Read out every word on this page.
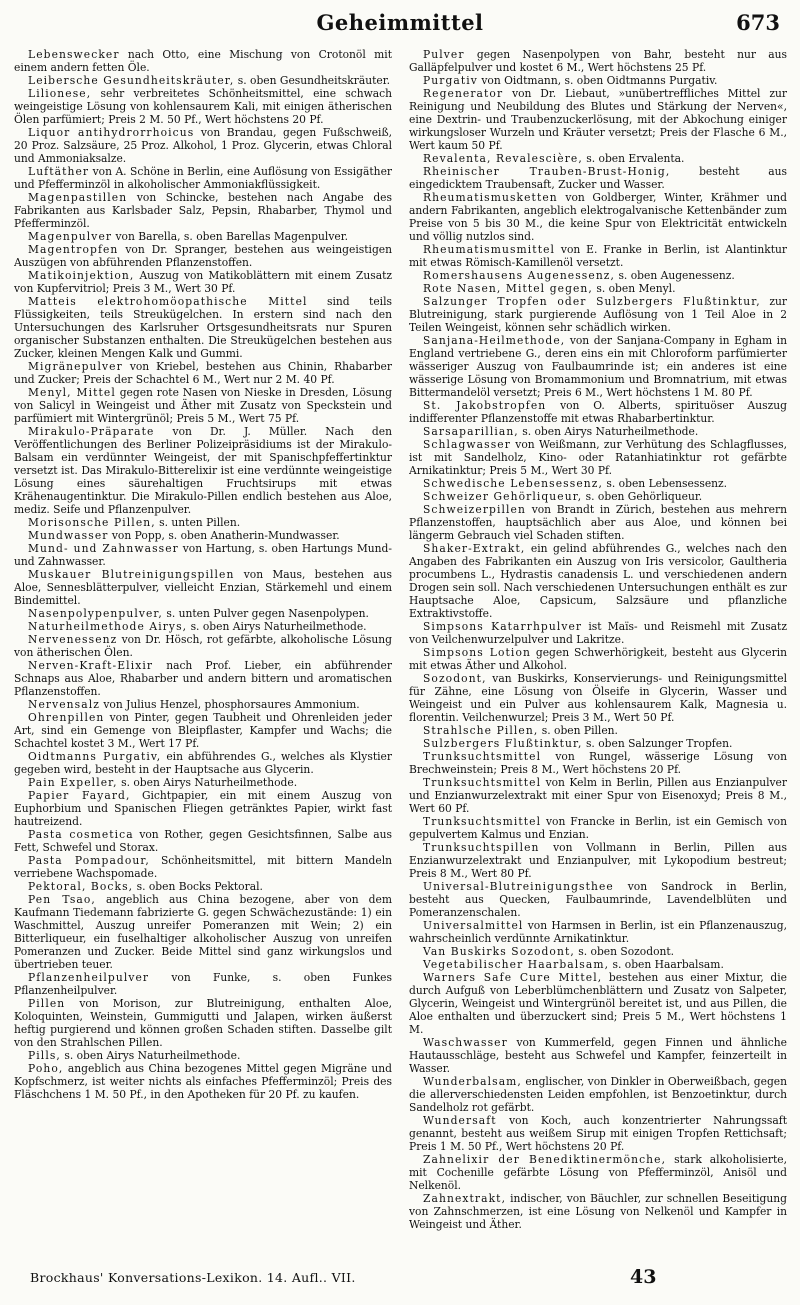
Geheimmittel	673

Lebenswecker nach Otto, eine Mischung von Crotonöl mit einem andern fetten Öle.

Leibersche Gesundheitskräuter, s. oben Gesundheitskräuter.

Lilionese, sehr verbreitetes Schönheitsmittel, eine schwach weingeistige Lösung von kohlensaurem Kali, mit einigen ätherischen Ölen parfümiert; Preis 2 M. 50 Pf., Wert höchstens 20 Pf.

Liquor antihydrorrhoicus von Brandau, gegen Fußschweiß, 20 Proz. Salzsäure, 25 Proz. Alkohol, 1 Proz. Glycerin, etwas Chloral und Ammoniaksalze.

Luftäther von A. Schöne in Berlin, eine Auflösung von Essigäther und Pfefferminzöl in alkoholischer Ammoniakflüssigkeit.

Magenpastillen von Schincke, bestehen nach Angabe des Fabrikanten aus Karlsbader Salz, Pepsin, Rhabarber, Thymol und Pfefferminzöl.

Magenpulver von Barella, s. oben Barellas Magenpulver.

Magentropfen von Dr. Spranger, bestehen aus weingeistigen Auszügen von abführenden Pflanzenstoffen.

Matikoinjektion, Auszug von Matikoblättern mit einem Zusatz von Kupfervitriol; Preis 3 M., Wert 30 Pf.

Matteis elektrohomöopathische Mittel sind teils Flüssigkeiten, teils Streukügelchen. In erstern sind nach den Untersuchungen des Karlsruher Ortsgesundheitsrats nur Spuren organischer Substanzen enthalten. Die Streukügelchen bestehen aus Zucker, kleinen Mengen Kalk und Gummi.

Migränepulver von Kriebel, bestehen aus Chinin, Rhabarber und Zucker; Preis der Schachtel 6 M., Wert nur 2 M. 40 Pf.

Menyl, Mittel gegen rote Nasen von Nieske in Dresden, Lösung von Salicyl in Weingeist und Äther mit Zusatz von Speckstein und parfümiert mit Wintergrünöl; Preis 5 M., Wert 75 Pf.

Mirakulo-Präparate von Dr. J. Müller. Nach den Veröffentlichungen des Berliner Polizeipräsidiums ist der Mirakulo-Balsam ein verdünnter Weingeist, der mit Spanischpfeffertinktur versetzt ist. Das Mirakulo-Bitterelixir ist eine verdünnte weingeistige Lösung eines säurehaltigen Fruchtsirups mit etwas Krähenaugentinktur. Die Mirakulo-Pillen endlich bestehen aus Aloe, mediz. Seife und Pflanzenpulver.

Morisonsche Pillen, s. unten Pillen.

Mundwasser von Popp, s. oben Anatherin-Mundwasser.

Mund- und Zahnwasser von Hartung, s. oben Hartungs Mund- und Zahnwasser.

Muskauer Blutreinigungspillen von Maus, bestehen aus Aloe, Sennesblätterpulver, vielleicht Enzian, Stärkemehl und einem Bindemittel.

Nasenpolypenpulver, s. unten Pulver gegen Nasenpolypen.

Naturheilmethode Airys, s. oben Airys Naturheilmethode.

Nervenessenz von Dr. Hösch, rot gefärbte, alkoholische Lösung von ätherischen Ölen.

Nerven-Kraft-Elixir nach Prof. Lieber, ein abführender Schnaps aus Aloe, Rhabarber und andern bittern und aromatischen Pflanzenstoffen.

Nervensalz von Julius Henzel, phosphorsaures Ammonium.

Ohrenpillen von Pinter, gegen Taubheit und Ohrenleiden jeder Art, sind ein Gemenge von Bleipflaster, Kampfer und Wachs; die Schachtel kostet 3 M., Wert 17 Pf.

Oidtmanns Purgativ, ein abführendes G., welches als Klystier gegeben wird, besteht in der Hauptsache aus Glycerin.

Pain Expeller, s. oben Airys Naturheilmethode.

Papier Fayard, Gichtpapier, ein mit einem Auszug von Euphorbium und Spanischen Fliegen getränktes Papier, wirkt fast hautreizend.

Pasta cosmetica von Rother, gegen Gesichtsfinnen, Salbe aus Fett, Schwefel und Storax.

Pasta Pompadour, Schönheitsmittel, mit bittern Mandeln verriebene Wachspomade.

Pektoral, Bocks, s. oben Bocks Pektoral.

Pen Tsao, angeblich aus China bezogene, aber von dem Kaufmann Tiedemann fabrizierte G. gegen Schwächezustände: 1) ein Waschmittel, Auszug unreifer Pomeranzen mit Wein; 2) ein Bitterliqueur, ein fuselhaltiger alkoholischer Auszug von unreifen Pomeranzen und Zucker. Beide Mittel sind ganz wirkungslos und übertrieben teuer.

Pflanzenheilpulver von Funke, s. oben Funkes Pflanzenheilpulver.

Pillen von Morison, zur Blutreinigung, enthalten Aloe, Koloquinten, Weinstein, Gummigutti und Jalapen, wirken äußerst heftig purgierend und können großen Schaden stiften. Dasselbe gilt von den Strahlschen Pillen.

Pills, s. oben Airys Naturheilmethode.

Poho, angeblich aus China bezogenes Mittel gegen Migräne und Kopfschmerz, ist weiter nichts als einfaches Pfefferminzöl; Preis des Fläschchens 1 M. 50 Pf., in den Apotheken für 20 Pf. zu kaufen.

Pulver gegen Nasenpolypen von Bahr, besteht nur aus Galläpfelpulver und kostet 6 M., Wert höchstens 25 Pf.

Purgativ von Oidtmann, s. oben Oidtmanns Purgativ.

Regenerator von Dr. Liebaut, »unübertreffliches Mittel zur Reinigung und Neubildung des Blutes und Stärkung der Nerven«, eine Dextrin- und Traubenzuckerlösung, mit der Abkochung einiger wirkungsloser Wurzeln und Kräuter versetzt; Preis der Flasche 6 M., Wert kaum 50 Pf.

Revalenta, Revalescière, s. oben Ervalenta.

Rheinischer Trauben-Brust-Honig,	besteht aus eingedicktem Traubensaft, Zucker und Wasser.

Rheumatismusketten von Goldberger, Winter, Krähmer und andern Fabrikanten, angeblich elektrogalvanische Kettenbänder zum Preise von 5 bis 30 M., die keine Spur von Elektricität entwickeln und völlig nutzlos sind.

Rheumatismusmittel von E. Franke in Berlin, ist Alantinktur mit etwas Römisch-Kamillenöl versetzt.

Romershausens Augenessenz, s. oben Augenessenz.

Rote Nasen, Mittel gegen, s. oben Menyl.

Salzunger Tropfen oder Sulzbergers Flußtinktur, zur Blutreinigung, stark purgierende Auflösung von 1 Teil Aloe in 2 Teilen Weingeist, können sehr schädlich wirken.

Sanjana-Heilmethode, von der Sanjana-Company in Egham in England vertriebene G., deren eins ein mit Chloroform parfümierter wässeriger Auszug von Faulbaumrinde ist; ein anderes ist eine wässerige Lösung von Bromammonium und Bromnatrium, mit etwas Bittermandelöl versetzt; Preis 6 M., Wert höchstens 1 M. 80 Pf.

St. Jakobstropfen von O. Alberts, spirituöser Auszug indifferenter Pflanzenstoffe mit etwas Rhabarbertinktur.

Sarsaparillian, s. oben Airys Naturheilmethode.

Schlagwasser von Weißmann, zur Verhütung des Schlagflusses, ist mit Sandelholz, Kino- oder Ratanhiatinktur rot gefärbte Arnikatinktur; Preis 5 M., Wert 30 Pf.

Schwedische Lebensessenz, s. oben Lebensessenz.

Schweizer Gehörliqueur, s. oben Gehörliqueur.

Schweizerpillen von Brandt in Zürich, bestehen aus mehrern Pflanzenstoffen, hauptsächlich aber aus Aloe, und können bei längerm Gebrauch viel Schaden stiften.

Shaker-Extrakt, ein gelind abführendes G., welches nach den Angaben des Fabrikanten ein Auszug von Iris versicolor, Gaultheria procumbens L., Hydrastis canadensis L. und verschiedenen andern Drogen sein soll. Nach verschiedenen Untersuchungen enthält es zur Hauptsache Aloe, Capsicum, Salzsäure und pflanzliche Extraktivstoffe.

Simpsons Katarrhpulver ist Maïs- und Reismehl mit Zusatz von Veilchenwurzelpulver und Lakritze.

Simpsons Lotion gegen Schwerhörigkeit, besteht aus Glycerin mit etwas Äther und Alkohol.

Sozodont, van Buskirks, Konservierungs- und Reinigungsmittel für Zähne, eine Lösung von Ölseife in Glycerin, Wasser und Weingeist und ein Pulver aus kohlensaurem Kalk, Magnesia u. florentin. Veilchenwurzel; Preis 3 M., Wert 50 Pf.

Strahlsche Pillen, s. oben Pillen.

Sulzbergers Flußtinktur, s. oben Salzunger Tropfen.

Trunksuchtsmittel von Rungel, wässerige Lösung von Brechweinstein; Preis 8 M., Wert höchstens 20 Pf.

Trunksuchtsmittel von Kelm in Berlin, Pillen aus Enzianpulver und Enzianwurzelextrakt mit einer Spur von Eisenoxyd; Preis 8 M., Wert 60 Pf.

Trunksuchtsmittel von Francke in Berlin, ist ein Gemisch von gepulvertem Kalmus und Enzian.

Trunksuchtspillen von Vollmann in Berlin, Pillen aus Enzianwurzelextrakt und Enzianpulver, mit Lykopodium bestreut; Preis 8 M., Wert 80 Pf.

Universal-Blutreinigungsthee von Sandrock in Berlin, besteht aus Quecken, Faulbaumrinde, Lavendelblüten und Pomeranzenschalen.

Universalmittel von Harmsen in Berlin, ist ein Pflanzenauszug, wahrscheinlich verdünnte Arnikatinktur.

Van Buskirks Sozodont, s. oben Sozodont.

Vegetabilischer Haarbalsam, s. oben Haarbalsam.

Warners Safe Cure Mittel, bestehen aus einer Mixtur, die durch Aufguß von Leberblümchenblättern und Zusatz von Salpeter, Glycerin, Weingeist und Wintergrünöl bereitet ist, und aus Pillen, die Aloe enthalten und überzuckert sind; Preis 5 M., Wert höchstens 1 M.

Waschwasser von Kummerfeld, gegen Finnen und ähnliche Hautausschläge, besteht aus Schwefel und Kampfer, feinzerteilt in Wasser.

Wunderbalsam, englischer, von Dinkler in Oberweißbach, gegen die allerverschiedensten Leiden empfohlen, ist Benzoetinktur, durch Sandelholz rot gefärbt.

Wundersaft von Koch, auch konzentrierter Nahrungssaft genannt, besteht aus weißem Sirup mit einigen Tropfen Rettichsaft; Preis 1 M. 50 Pf., Wert höchstens 20 Pf.

Zahnelixir der Benediktinermönche, stark alkoholisierte, mit Cochenille gefärbte Lösung von Pfefferminzöl, Anisöl und Nelkenöl.

Zahnextrakt, indischer, von Bäuchler, zur schnellen Beseitigung von Zahnschmerzen, ist eine Lösung von Nelkenöl und Kampfer in Weingeist und Äther.

Brockhaus' Konversations-Lexikon. 14. Aufl.. VII.	43
